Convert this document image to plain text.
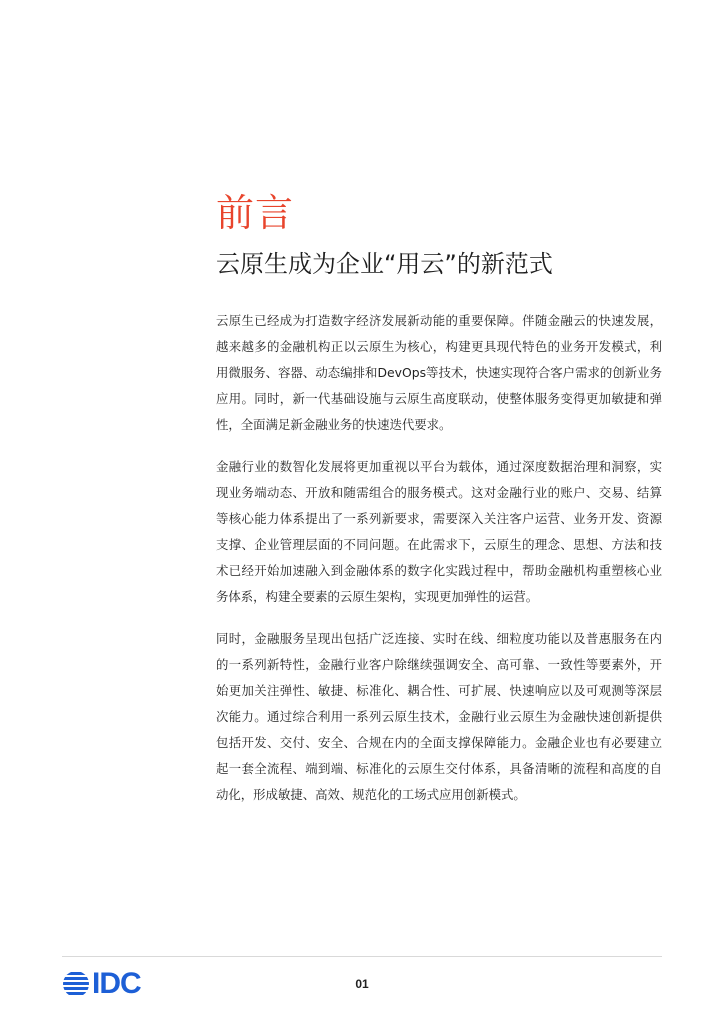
前言
云原生成为企业“用云”的新范式

云原生已经成为打造数字经济发展新动能的重要保障。伴随金融云的快速发展，越来越多的金融机构正以云原生为核心，构建更具现代特色的业务开发模式，利用微服务、容器、动态编排和DevOps等技术，快速实现符合客户需求的创新业务应用。同时，新一代基础设施与云原生高度联动，使整体服务变得更加敏捷和弹性，全面满足新金融业务的快速迭代要求。

金融行业的数智化发展将更加重视以平台为载体，通过深度数据治理和洞察，实现业务端动态、开放和随需组合的服务模式。这对金融行业的账户、交易、结算等核心能力体系提出了一系列新要求，需要深入关注客户运营、业务开发、资源支撑、企业管理层面的不同问题。在此需求下，云原生的理念、思想、方法和技术已经开始加速融入到金融体系的数字化实践过程中，帮助金融机构重塑核心业务体系，构建全要素的云原生架构，实现更加弹性的运营。

同时，金融服务呈现出包括广泛连接、实时在线、细粒度功能以及普惠服务在内的一系列新特性，金融行业客户除继续强调安全、高可靠、一致性等要素外，开始更加关注弹性、敏捷、标准化、耦合性、可扩展、快速响应以及可观测等深层次能力。通过综合利用一系列云原生技术，金融行业云原生为金融快速创新提供包括开发、交付、安全、合规在内的全面支撑保障能力。金融企业也有必要建立起一套全流程、端到端、标准化的云原生交付体系，具备清晰的流程和高度的自动化，形成敏捷、高效、规范化的工场式应用创新模式。

IDC	01
